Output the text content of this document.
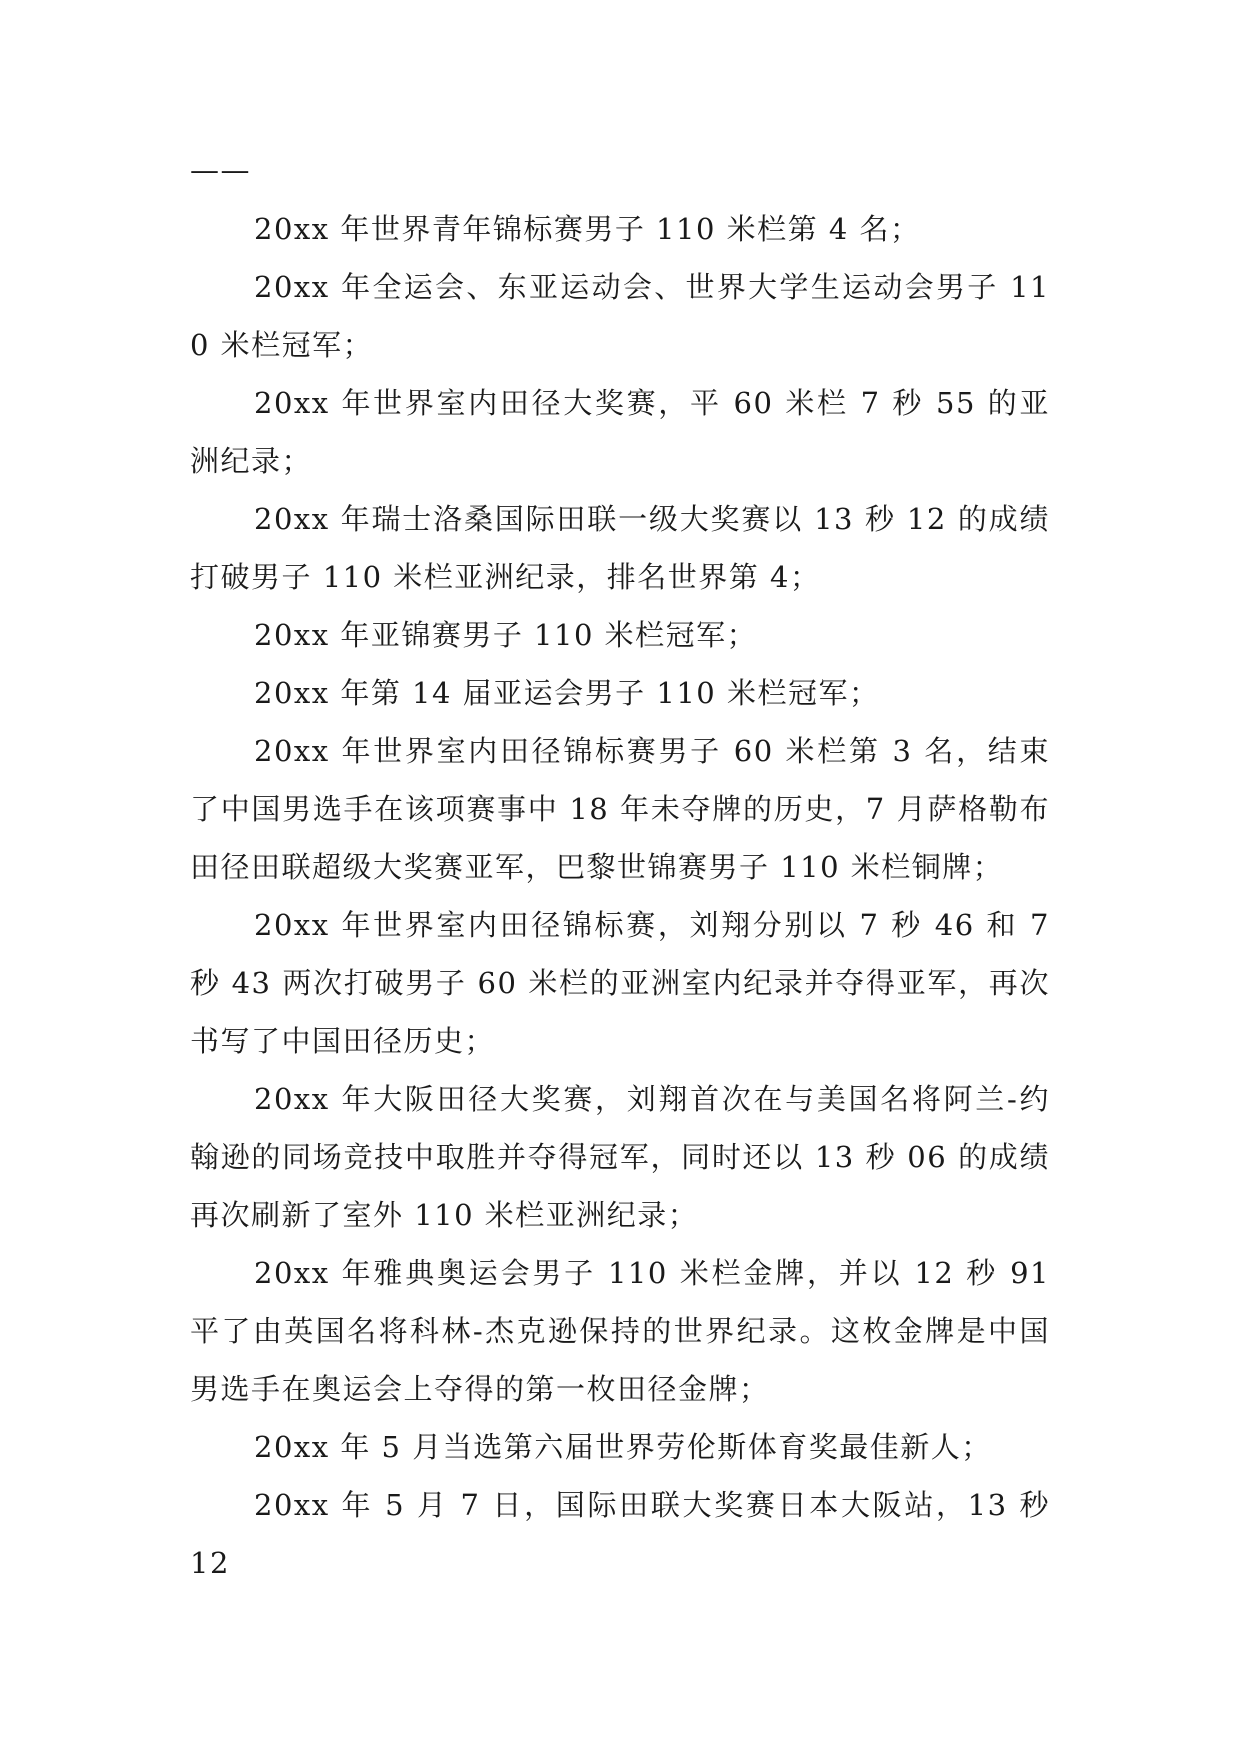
——

20xx 年世界青年锦标赛男子 110 米栏第 4 名；

20xx 年全运会、东亚运动会、世界大学生运动会男子 110 米栏冠军；

20xx 年世界室内田径大奖赛，平 60 米栏 7 秒 55 的亚洲纪录；

20xx 年瑞士洛桑国际田联一级大奖赛以 13 秒 12 的成绩打破男子 110 米栏亚洲纪录，排名世界第 4；

20xx 年亚锦赛男子 110 米栏冠军；

20xx 年第 14 届亚运会男子 110 米栏冠军；

20xx 年世界室内田径锦标赛男子 60 米栏第 3 名，结束了中国男选手在该项赛事中 18 年未夺牌的历史，7 月萨格勒布田径田联超级大奖赛亚军，巴黎世锦赛男子 110 米栏铜牌；

20xx 年世界室内田径锦标赛，刘翔分别以 7 秒 46 和 7 秒 43 两次打破男子 60 米栏的亚洲室内纪录并夺得亚军，再次书写了中国田径历史；

20xx 年大阪田径大奖赛，刘翔首次在与美国名将阿兰-约翰逊的同场竞技中取胜并夺得冠军，同时还以 13 秒 06 的成绩再次刷新了室外 110 米栏亚洲纪录；

20xx 年雅典奥运会男子 110 米栏金牌，并以 12 秒 91 平了由英国名将科林-杰克逊保持的世界纪录。这枚金牌是中国男选手在奥运会上夺得的第一枚田径金牌；

20xx 年 5 月当选第六届世界劳伦斯体育奖最佳新人；

20xx 年 5 月 7 日，国际田联大奖赛日本大阪站，13 秒 12
